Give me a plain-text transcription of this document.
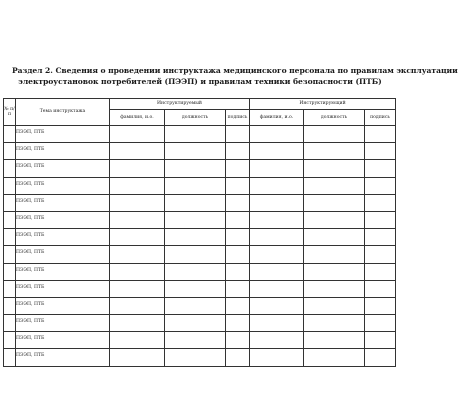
Раздел 2. Сведения о проведении инструктажа медицинского персонала по правилам эксплуатации
электроустановок потребителей (ПЭЭП) и правилам техники безопасности (ПТБ)
№ п/п	Тема инструктажа	Инструктируемый			Инструктирующий		
		фамилия, и.о.	должность	подпись	фамилия, и.о.	должность	подпись
	ПЭЭП, ПТБ						
	ПЭЭП, ПТБ						
	ПЭЭП, ПТБ						
	ПЭЭП, ПТБ						
	ПЭЭП, ПТБ						
	ПЭЭП, ПТБ						
	ПЭЭП, ПТБ						
	ПЭЭП, ПТБ						
	ПЭЭП, ПТБ						
	ПЭЭП, ПТБ						
	ПЭЭП, ПТБ						
	ПЭЭП, ПТБ						
	ПЭЭП, ПТБ						
	ПЭЭП, ПТБ						
